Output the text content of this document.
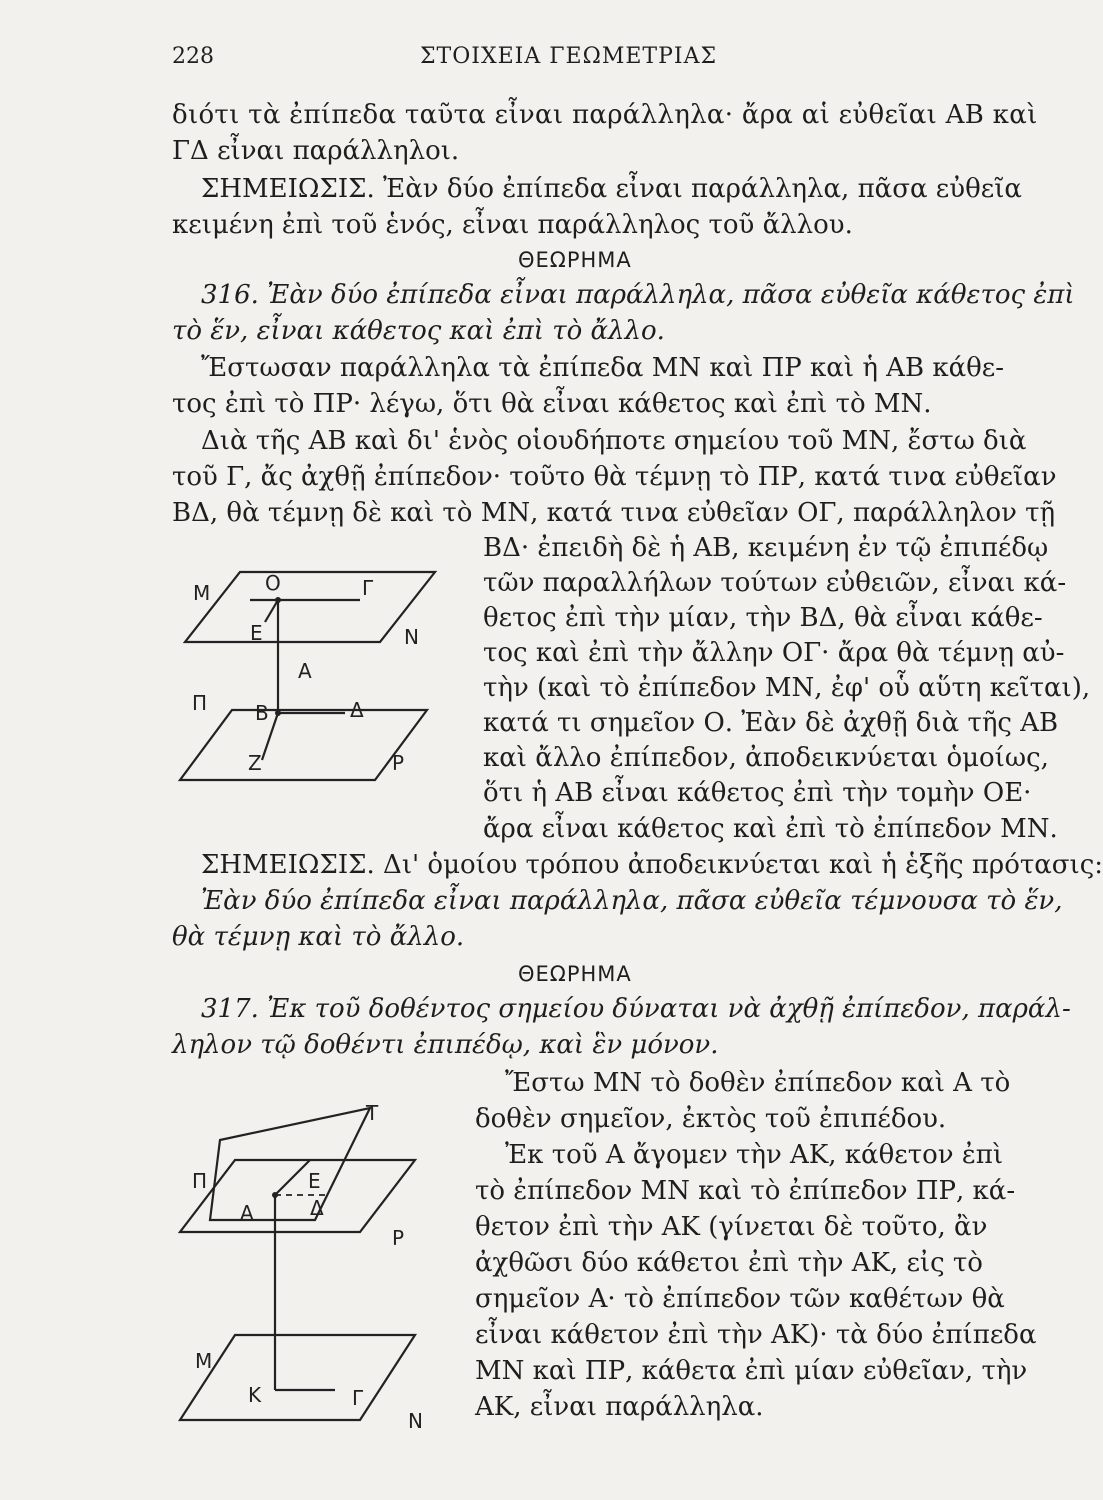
228	ΣΤΟΙΧΕΙΑ ΓΕΩΜΕΤΡΙΑΣ
διότι τὰ ἐπίπεδα ταῦτα εἶναι παράλληλα· ἄρα αἱ εὐθεῖαι ΑΒ καὶ
ΓΔ εἶναι παράλληλοι.
ΣΗΜΕΙΩΣΙΣ. Ἐὰν δύο ἐπίπεδα εἶναι παράλληλα, πᾶσα εὐθεῖα
κειμένη ἐπὶ τοῦ ἑνός, εἶναι παράλληλος τοῦ ἄλλου.
ΘΕΩΡΗΜΑ
316. Ἐὰν δύο ἐπίπεδα εἶναι παράλληλα, πᾶσα εὐθεῖα κάθετος ἐπὶ
τὸ ἕν, εἶναι κάθετος καὶ ἐπὶ τὸ ἄλλο.
Ἔστωσαν παράλληλα τὰ ἐπίπεδα ΜΝ καὶ ΠΡ καὶ ἡ ΑΒ κάθε-
τος ἐπὶ τὸ ΠΡ· λέγω, ὅτι θὰ εἶναι κάθετος καὶ ἐπὶ τὸ ΜΝ.
Διὰ τῆς ΑΒ καὶ δι' ἑνὸς οἱουδήποτε σημείου τοῦ ΜΝ, ἔστω διὰ
τοῦ Γ, ἄς ἀχθῇ ἐπίπεδον· τοῦτο θὰ τέμνῃ τὸ ΠΡ, κατά τινα εὐθεῖαν
ΒΔ, θὰ τέμνῃ δὲ καὶ τὸ ΜΝ, κατά τινα εὐθεῖαν ΟΓ, παράλληλον τῇ
ΒΔ· ἐπειδὴ δὲ ἡ ΑΒ, κειμένη ἐν τῷ ἐπιπέδῳ
τῶν παραλλήλων τούτων εὐθειῶν, εἶναι κά-
θετος ἐπὶ τὴν μίαν, τὴν ΒΔ, θὰ εἶναι κάθε-
τος καὶ ἐπὶ τὴν ἄλλην ΟΓ· ἄρα θὰ τέμνῃ αὐ-
τὴν (καὶ τὸ ἐπίπεδον ΜΝ, ἐφ' οὗ αὕτη κεῖται),
κατά τι σημεῖον Ο. Ἐὰν δὲ ἀχθῇ διὰ τῆς ΑΒ
καὶ ἄλλο ἐπίπεδον, ἀποδεικνύεται ὁμοίως,
ὅτι ἡ ΑΒ εἶναι κάθετος ἐπὶ τὴν τομὴν ΟΕ·
ἄρα εἶναι κάθετος καὶ ἐπὶ τὸ ἐπίπεδον ΜΝ.
ΣΗΜΕΙΩΣΙΣ. Δι' ὁμοίου τρόπου ἀποδεικνύεται καὶ ἡ ἑξῆς πρότασις:
Ἐὰν δύο ἐπίπεδα εἶναι παράλληλα, πᾶσα εὐθεῖα τέμνουσα τὸ ἕν,
θὰ τέμνῃ καὶ τὸ ἄλλο.
ΘΕΩΡΗΜΑ
317. Ἐκ τοῦ δοθέντος σημείου δύναται νὰ ἀχθῇ ἐπίπεδον, παράλ-
ληλον τῷ δοθέντι ἐπιπέδῳ, καὶ ἓν μόνον.
Ἔστω ΜΝ τὸ δοθὲν ἐπίπεδον καὶ Α τὸ
δοθὲν σημεῖον, ἐκτὸς τοῦ ἐπιπέδου.
Ἐκ τοῦ Α ἄγομεν τὴν ΑΚ, κάθετον ἐπὶ
τὸ ἐπίπεδον ΜΝ καὶ τὸ ἐπίπεδον ΠΡ, κά-
θετον ἐπὶ τὴν ΑΚ (γίνεται δὲ τοῦτο, ἂν
ἀχθῶσι δύο κάθετοι ἐπὶ τὴν ΑΚ, εἰς τὸ
σημεῖον Α· τὸ ἐπίπεδον τῶν καθέτων θὰ
εἶναι κάθετον ἐπὶ τὴν ΑΚ)· τὰ δύο ἐπίπεδα
ΜΝ καὶ ΠΡ, κάθετα ἐπὶ μίαν εὐθεῖαν, τὴν
ΑΚ, εἶναι παράλληλα.
Μ	Ο	Γ
Ε	Ν
Α
Π Β	Δ
Ζ	Ρ
Τ
Π	Ε
Α	Δ
Ρ
Μ
Κ	Γ
Ν
